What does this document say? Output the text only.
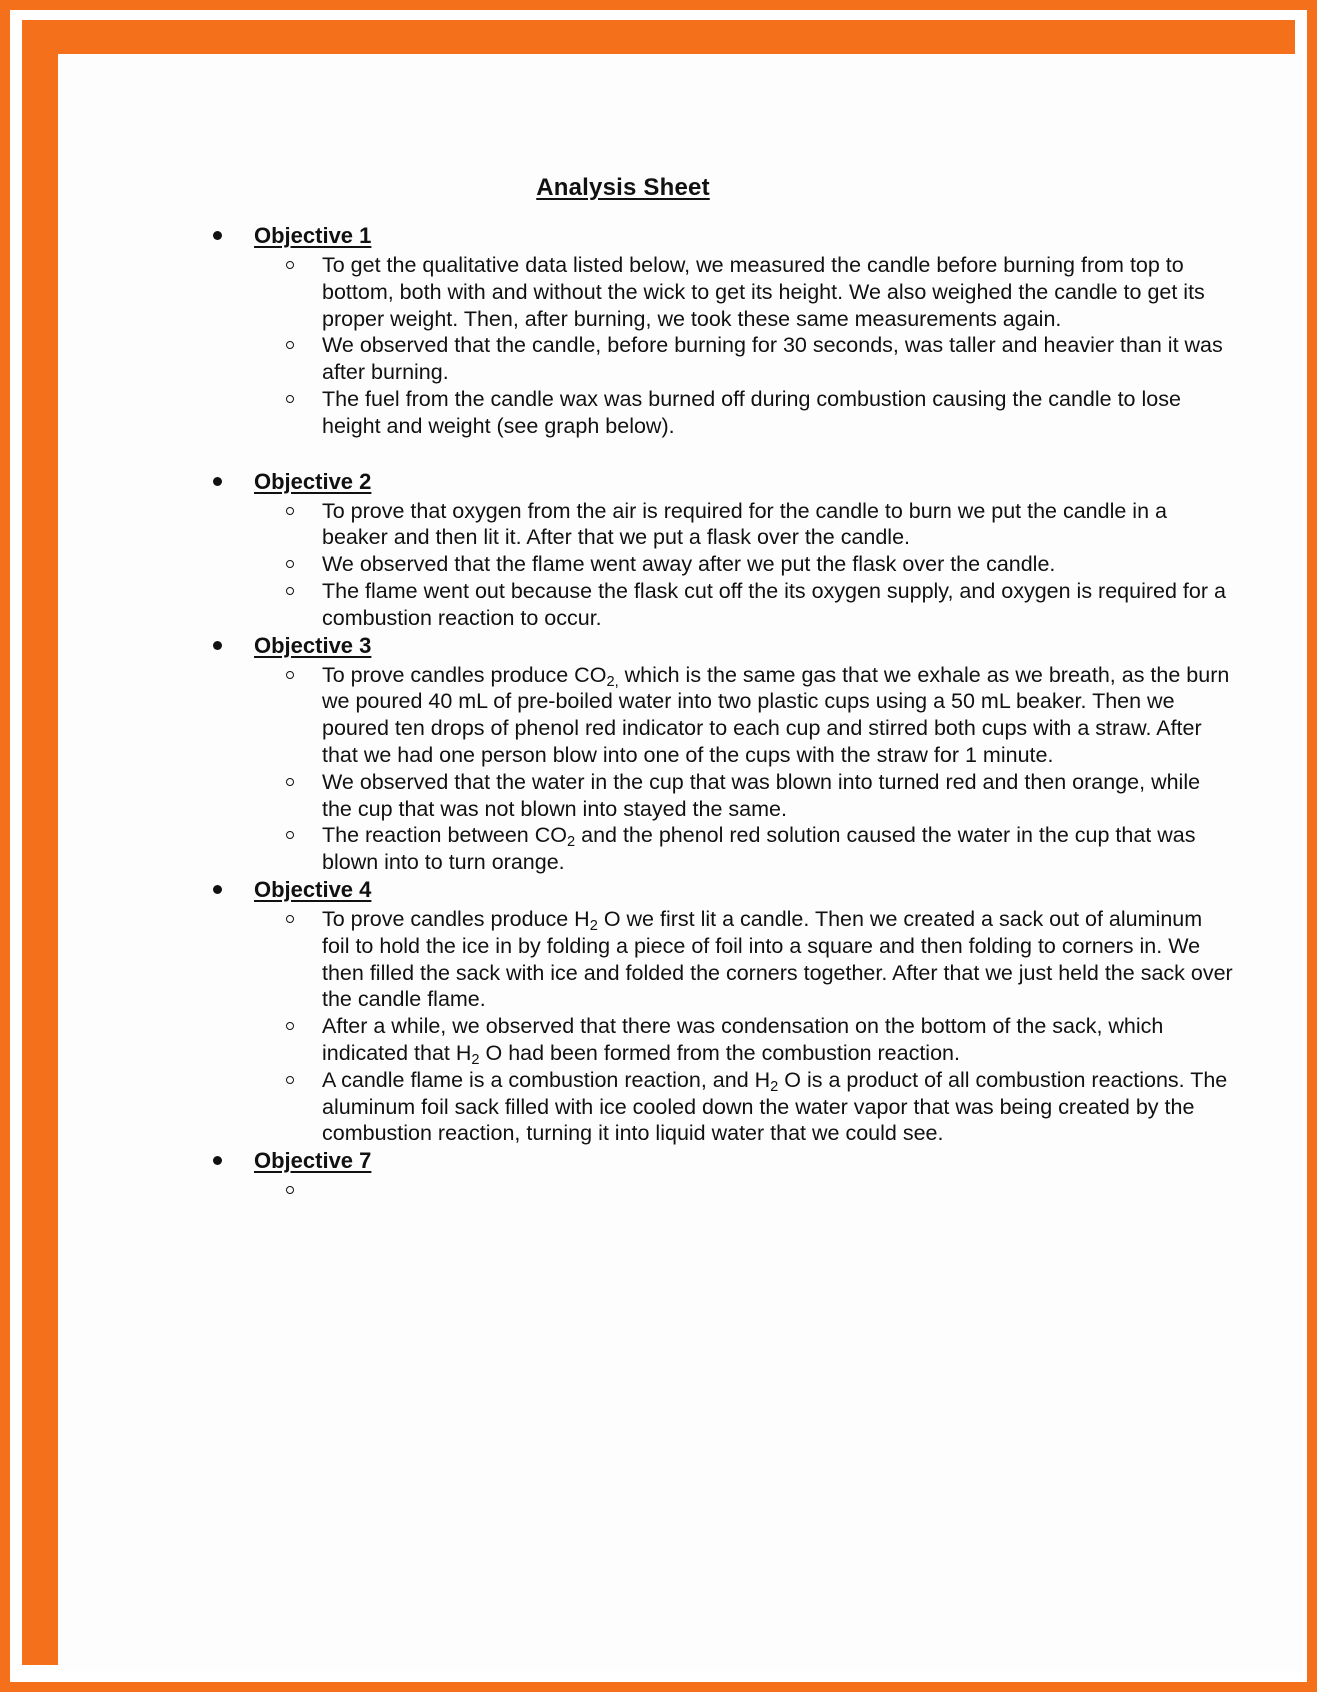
Analysis Sheet
Objective 1
To get the qualitative data listed below, we measured the candle before burning from top to bottom, both with and without the wick to get its height. We also weighed the candle to get its proper weight. Then, after burning, we took these same measurements again.
We observed that the candle, before burning for 30 seconds, was taller and heavier than it was after burning.
The fuel from the candle wax was burned off during combustion causing the candle to lose height and weight (see graph below).
Objective 2
To prove that oxygen from the air is required for the candle to burn we put the candle in a beaker and then lit it. After that we put a flask over the candle.
We observed that the flame went away after we put the flask over the candle.
The flame went out because the flask cut off the its oxygen supply, and oxygen is required for a combustion reaction to occur.
Objective 3
To prove candles produce $CO_{2,}$ which is the same gas that we exhale as we breath, as the burn we poured 40 mL of pre-boiled water into two plastic cups using a 50 mL beaker. Then we poured ten drops of phenol red indicator to each cup and stirred both cups with a straw. After that we had one person blow into one of the cups with the straw for 1 minute.
We observed that the water in the cup that was blown into turned red and then orange, while the cup that was not blown into stayed the same.
The reaction between $CO_2$ and the phenol red solution caused the water in the cup that was blown into to turn orange.
Objective 4
To prove candles produce $H_2$ O we first lit a candle. Then we created a sack out of aluminum foil to hold the ice in by folding a piece of foil into a square and then folding to corners in. We then filled the sack with ice and folded the corners together. After that we just held the sack over the candle flame.
After a while, we observed that there was condensation on the bottom of the sack, which indicated that $H_2$ O had been formed from the combustion reaction.
A candle flame is a combustion reaction, and $H_2$ O is a product of all combustion reactions. The aluminum foil sack filled with ice cooled down the water vapor that was being created by the combustion reaction, turning it into liquid water that we could see.
Objective 7
